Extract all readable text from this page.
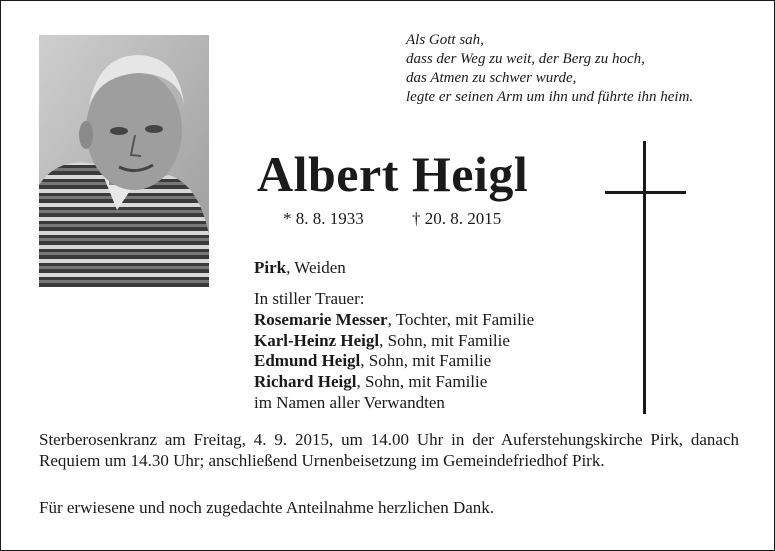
Als Gott sah,
dass der Weg zu weit, der Berg zu hoch,
das Atmen zu schwer wurde,
legte er seinen Arm um ihn und führte ihn heim.
Albert Heigl
* 8. 8. 1933	† 20. 8. 2015
Pirk, Weiden
In stiller Trauer:
Rosemarie Messer, Tochter, mit Familie
Karl-Heinz Heigl, Sohn, mit Familie
Edmund Heigl, Sohn, mit Familie
Richard Heigl, Sohn, mit Familie
im Namen aller Verwandten
Sterberosenkranz am Freitag, 4. 9. 2015, um 14.00 Uhr in der Auferstehungskirche Pirk, danach Requiem um 14.30 Uhr; anschließend Urnenbeisetzung im Gemeindefriedhof Pirk.
Für erwiesene und noch zugedachte Anteilnahme herzlichen Dank.
